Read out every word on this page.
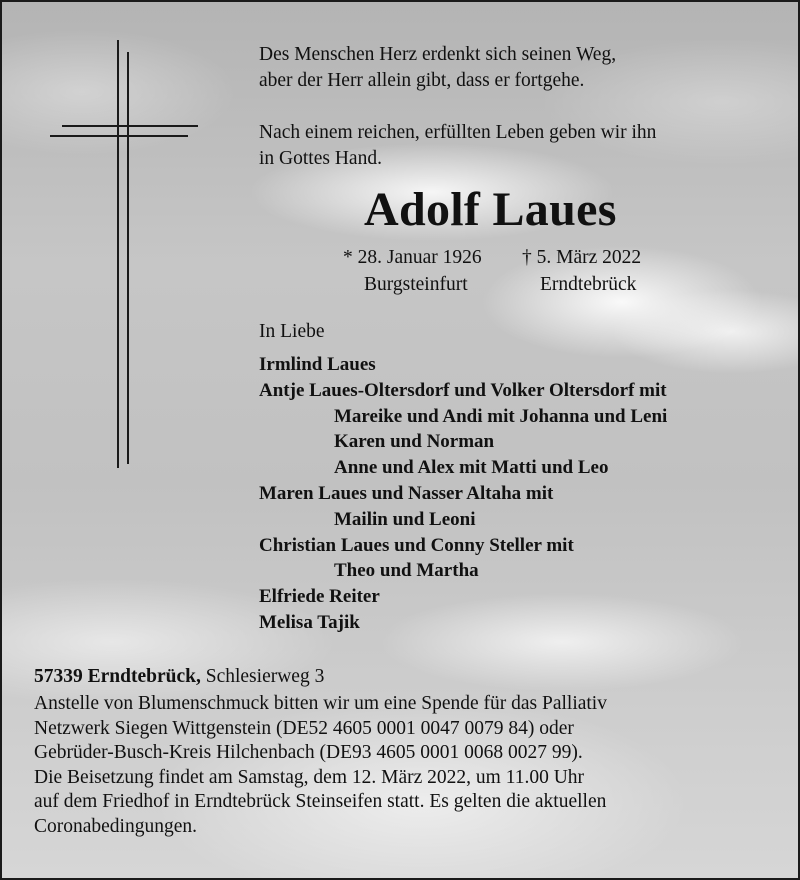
Des Menschen Herz erdenkt sich seinen Weg,
aber der Herr allein gibt, dass er fortgehe.

Nach einem reichen, erfüllten Leben geben wir ihn
in Gottes Hand.

Adolf Laues
* 28. Januar 1926
Burgsteinfurt
† 5. März 2022
Erndtebrück

In Liebe

Irmlind Laues
Antje Laues-Oltersdorf und Volker Oltersdorf mit
Mareike und Andi mit Johanna und Leni
Karen und Norman
Anne und Alex mit Matti und Leo
Maren Laues und Nasser Altaha mit
Mailin und Leoni
Christian Laues und Conny Steller mit
Theo und Martha
Elfriede Reiter
Melisa Tajik

57339 Erndtebrück, Schlesierweg 3

Anstelle von Blumenschmuck bitten wir um eine Spende für das Palliativ
Netzwerk Siegen Wittgenstein (DE52 4605 0001 0047 0079 84) oder
Gebrüder-Busch-Kreis Hilchenbach (DE93 4605 0001 0068 0027 99).
Die Beisetzung findet am Samstag, dem 12. März 2022, um 11.00 Uhr
auf dem Friedhof in Erndtebrück Steinseifen statt. Es gelten die aktuellen
Coronabedingungen.
